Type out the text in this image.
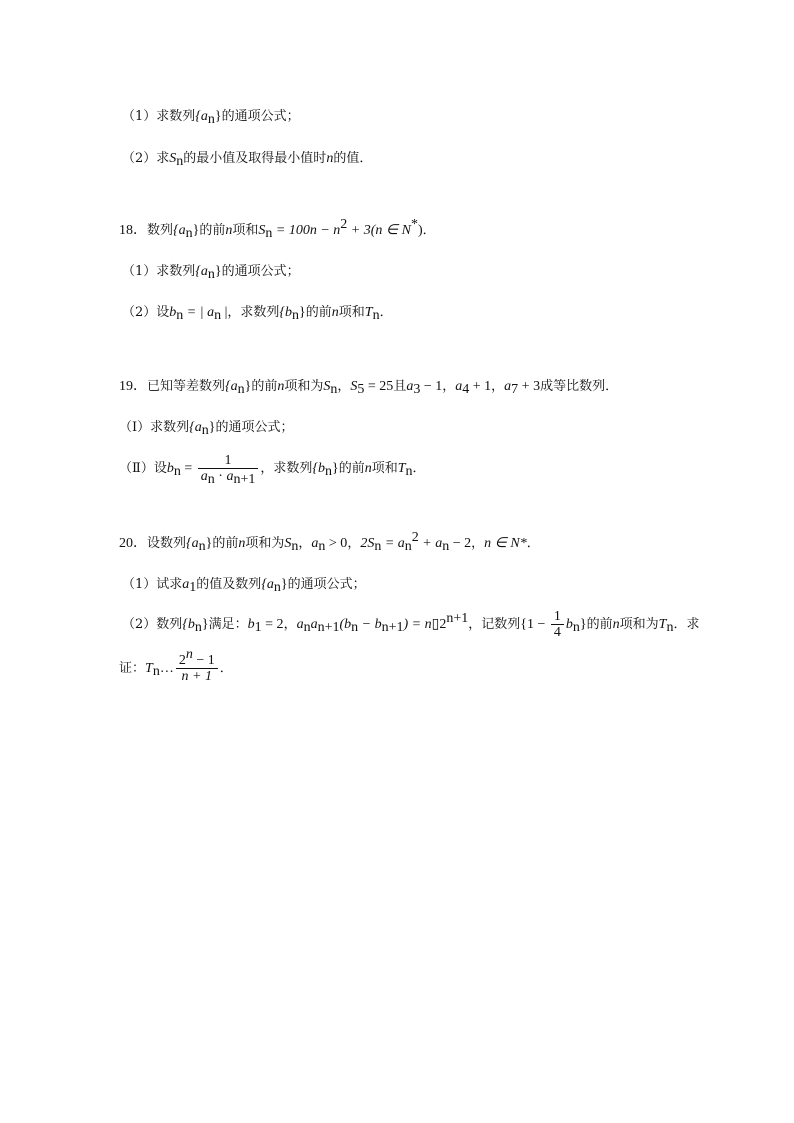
（1）求数列$\{a_n\}$的通项公式；
（2）求$S_n$的最小值及取得最小值时n的值．
18．数列$\{a_n\}$的前n项和$S_n = 100n - n^2 + 3(n$ ∈ N*)．
（1）求数列$\{a_n\}$的通项公式；
（2）设$b_n$ = | $a_n$ |，求数列$\{b_n\}$的前n项和$T_n$．
19．已知等差数列$\{a_n\}$的前n项和为$S_n$，$S_5 = 25$且$a_3 - 1$，$a_4 + 1$，$a_7 + 3$成等比数列．
（Ⅰ）求数列$\{a_n\}$的通项公式；
（Ⅱ）设$b_n = \frac{1}{a_n \cdot a_{n+1}}$ ，求数列$\{b_n\}$的前n项和$T_n$．
20．设数列$\{a_n\}$的前n项和为$S_n$，$a_n > 0$，$2S_n = a_n^2 + a_n - 2$，n ∈ N*．
（1）试求$a_1$的值及数列$\{a_n\}$的通项公式；
（2）数列$\{b_n\}$满足：$b_1 = 2$，$a_na_{n+1}(b_n - b_{n+1})$ = $n▯2^{n+1}$，记数列$\{1 - \frac{1}{4} b_n\}$的前n项和为$T_n$．求
证：$T_n\dots \frac{2^n - 1}{n + 1}$ ．
